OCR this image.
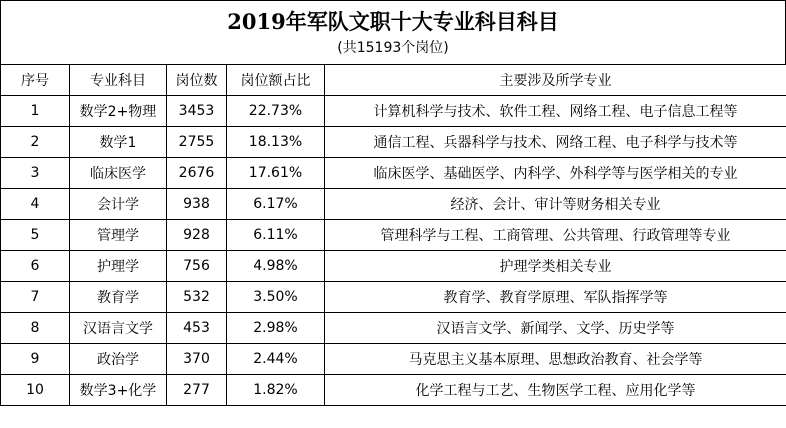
2019年军队文职十大专业科目科目
(共15193个岗位)
序号	专业科目	岗位数	岗位额占比	主要涉及所学专业
1	数学2+物理	3453	22.73%	计算机科学与技术、软件工程、网络工程、电子信息工程等
2	数学1	2755	18.13%	通信工程、兵器科学与技术、网络工程、电子科学与技术等
3	临床医学	2676	17.61%	临床医学、基础医学、内科学、外科学等与医学相关的专业
4	会计学	938	6.17%	经济、会计、审计等财务相关专业
5	管理学	928	6.11%	管理科学与工程、工商管理、公共管理、行政管理等专业
6	护理学	756	4.98%	护理学类相关专业
7	教育学	532	3.50%	教育学、教育学原理、军队指挥学等
8	汉语言文学	453	2.98%	汉语言文学、新闻学、文学、历史学等
9	政治学	370	2.44%	马克思主义基本原理、思想政治教育、社会学等
10	数学3+化学	277	1.82%	化学工程与工艺、生物医学工程、应用化学等
